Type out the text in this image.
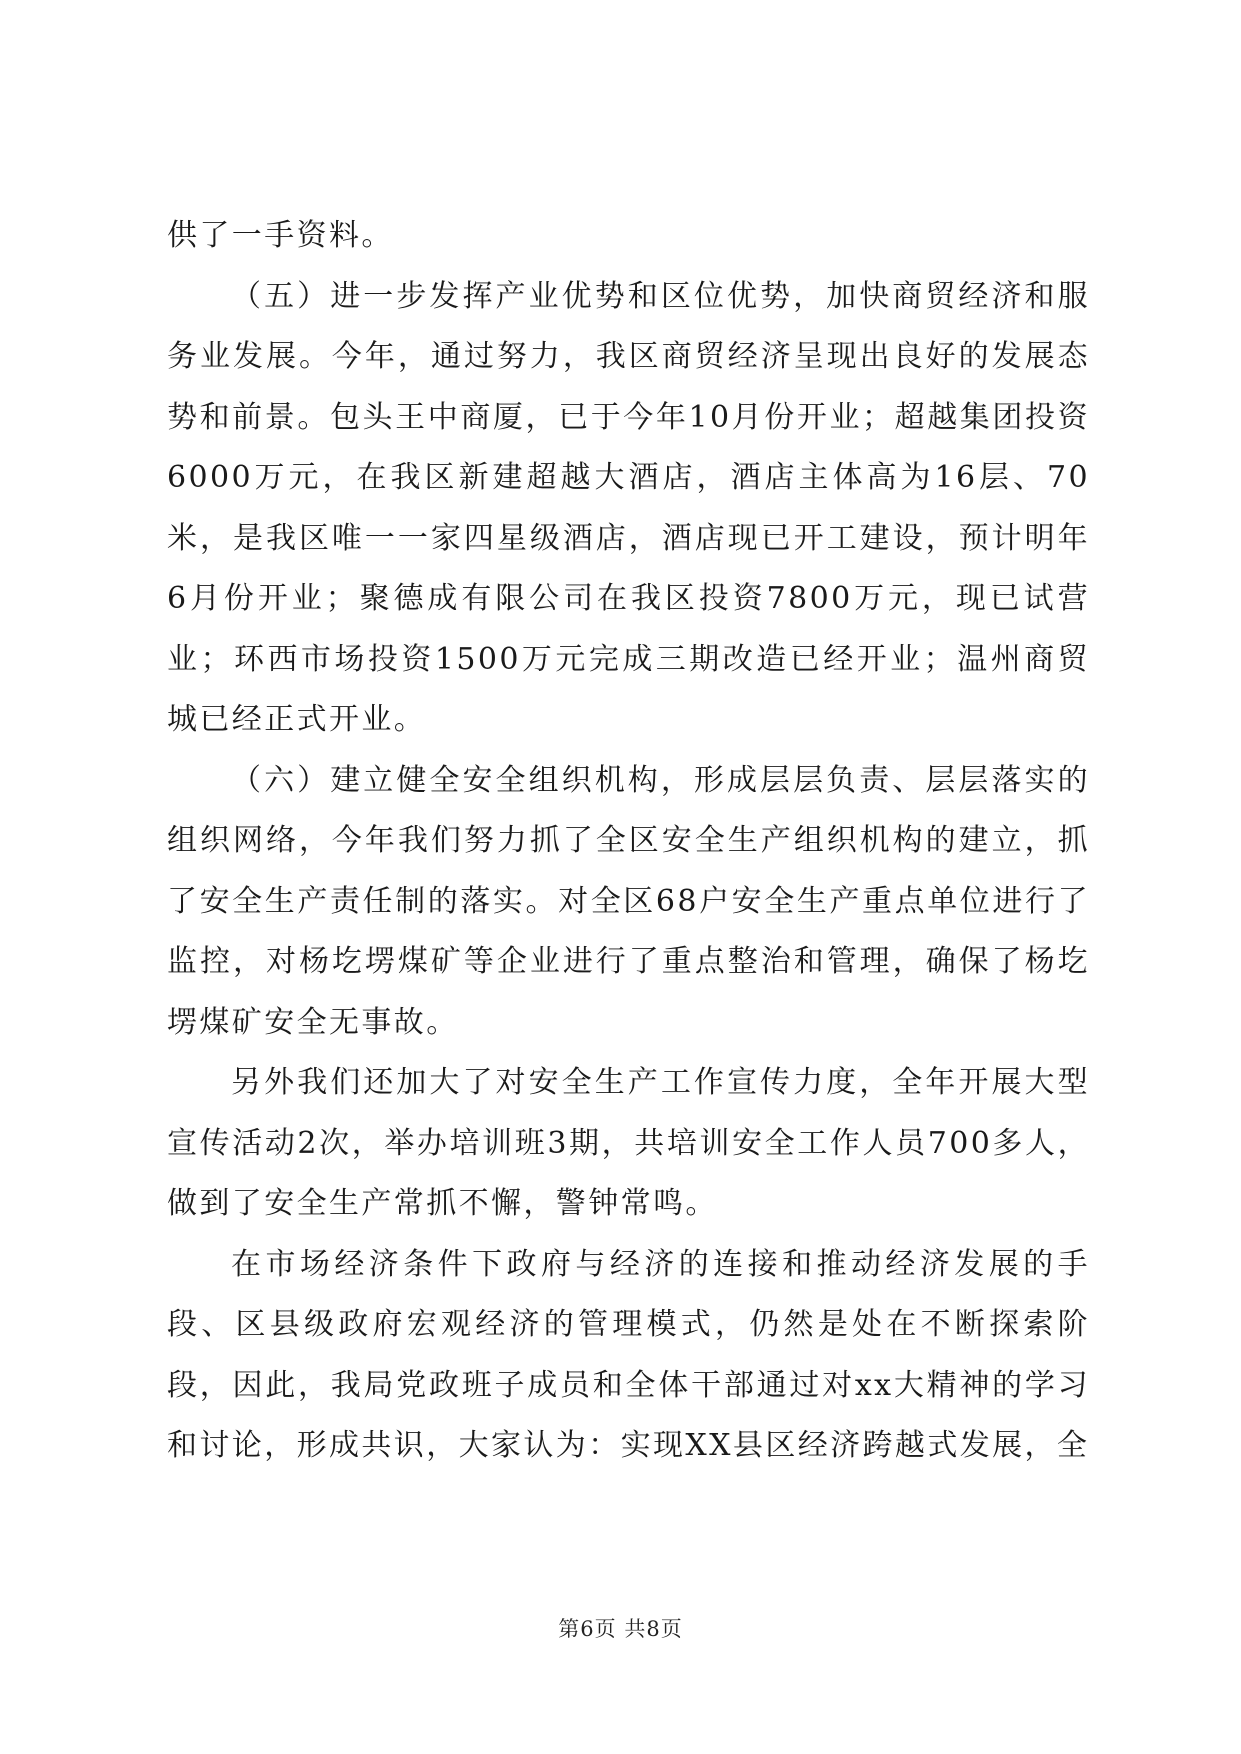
供了一手资料。

（五）进一步发挥产业优势和区位优势，加快商贸经济和服务业发展。今年，通过努力，我区商贸经济呈现出良好的发展态势和前景。包头王中商厦，已于今年10月份开业；超越集团投资6000万元，在我区新建超越大酒店，酒店主体高为16层、70米，是我区唯一一家四星级酒店，酒店现已开工建设，预计明年6月份开业；聚德成有限公司在我区投资7800万元，现已试营业；环西市场投资1500万元完成三期改造已经开业；温州商贸城已经正式开业。

（六）建立健全安全组织机构，形成层层负责、层层落实的组织网络，今年我们努力抓了全区安全生产组织机构的建立，抓了安全生产责任制的落实。对全区68户安全生产重点单位进行了监控，对杨圪塄煤矿等企业进行了重点整治和管理，确保了杨圪塄煤矿安全无事故。

另外我们还加大了对安全生产工作宣传力度，全年开展大型宣传活动2次，举办培训班3期，共培训安全工作人员700多人，做到了安全生产常抓不懈，警钟常鸣。

在市场经济条件下政府与经济的连接和推动经济发展的手段、区县级政府宏观经济的管理模式，仍然是处在不断探索阶段，因此，我局党政班子成员和全体干部通过对xx大精神的学习和讨论，形成共识，大家认为：实现XX县区经济跨越式发展，全

第6页 共8页
